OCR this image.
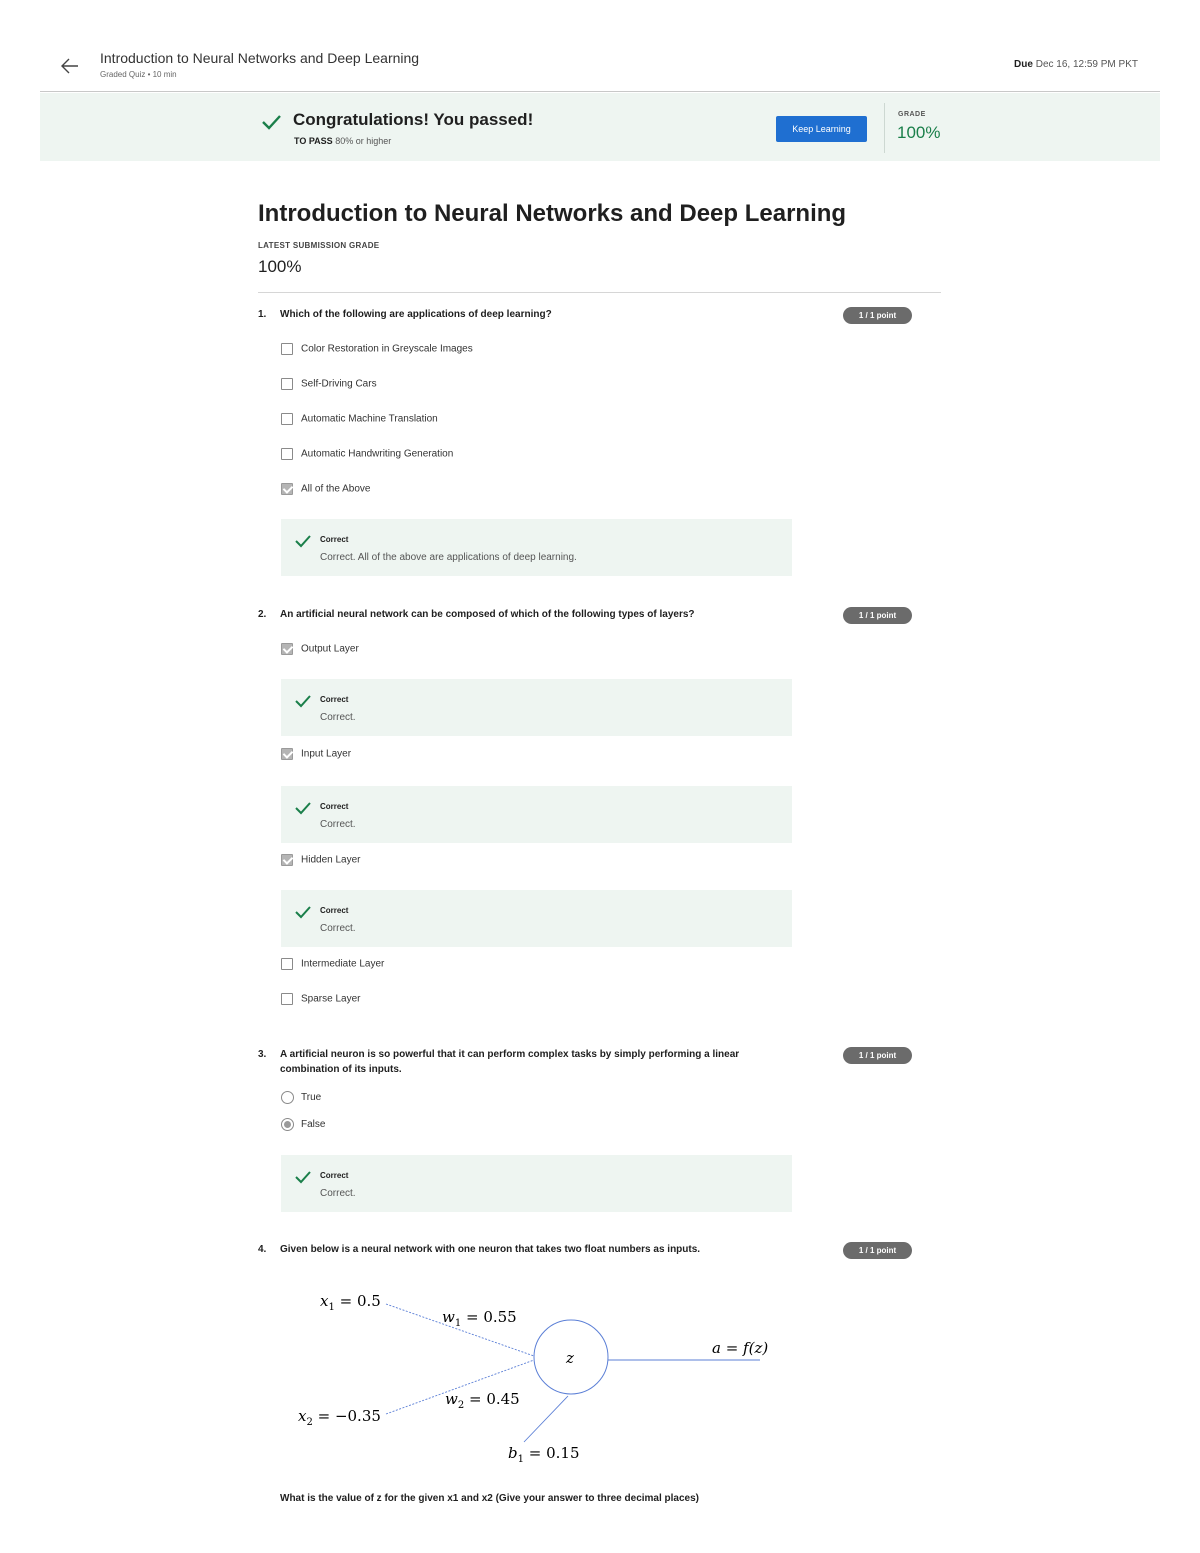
Introduction to Neural Networks and Deep Learning
Graded Quiz • 10 min
Due Dec 16, 12:59 PM PKT
Congratulations! You passed!
TO PASS 80% or higher
Keep Learning
GRADE
100%
Introduction to Neural Networks and Deep Learning
LATEST SUBMISSION GRADE
100%
1. Which of the following are applications of deep learning?	1 / 1 point
Color Restoration in Greyscale Images
Self-Driving Cars
Automatic Machine Translation
Automatic Handwriting Generation
All of the Above
Correct
Correct. All of the above are applications of deep learning.
2. An artificial neural network can be composed of which of the following types of layers?	1 / 1 point
Output Layer
Correct
Correct.
Input Layer
Correct
Correct.
Hidden Layer
Correct
Correct.
Intermediate Layer
Sparse Layer
3. A artificial neuron is so powerful that it can perform complex tasks by simply performing a linear combination of its inputs.
1 / 1 point
True
False
Correct
Correct.
4. Given below is a neural network with one neuron that takes two float numbers as inputs.	1 / 1 point
$x_1 = 0.5$
$w_1 = 0.55$
z
a = f(z)
$w_2 = 0.45$
$x_2 = -0.35$
$b_1 = 0.15$
What is the value of z for the given x1 and x2 (Give your answer to three decimal places)
